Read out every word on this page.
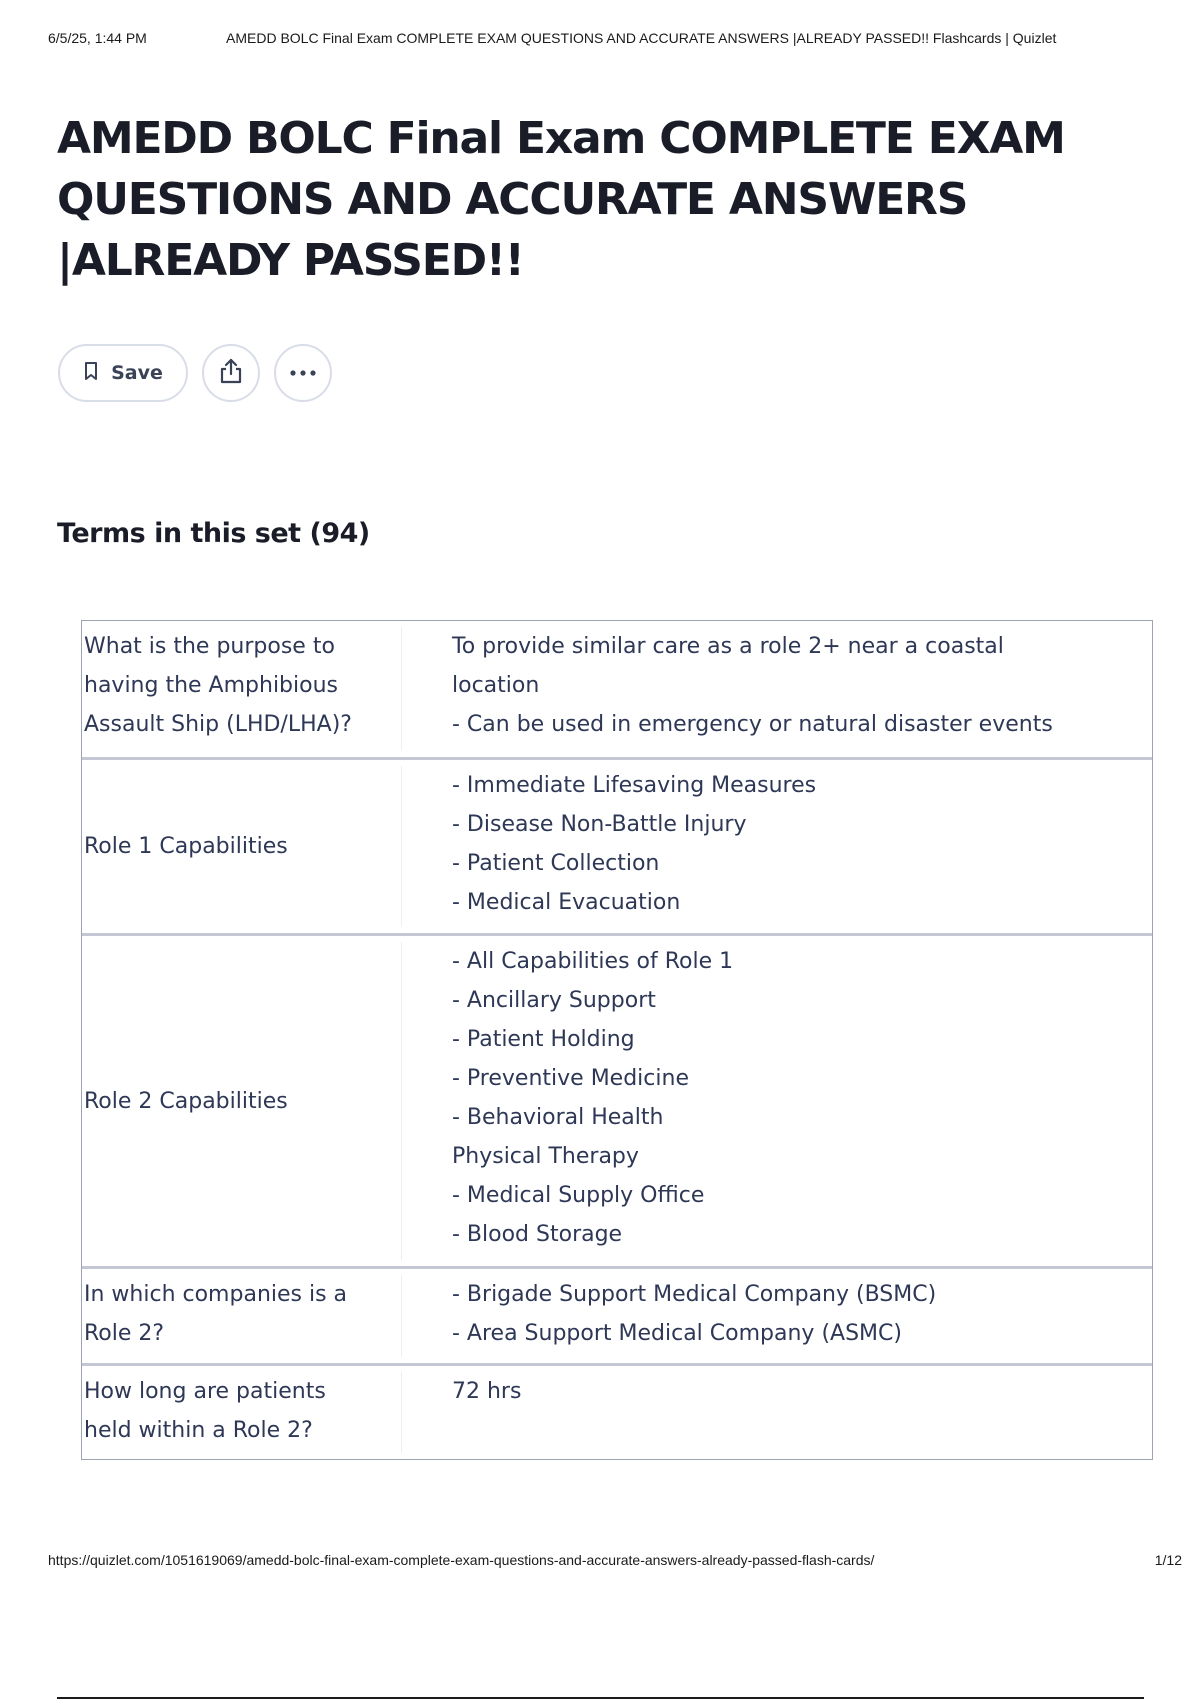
6/5/25, 1:44 PM	AMEDD BOLC Final Exam COMPLETE EXAM QUESTIONS AND ACCURATE ANSWERS |ALREADY PASSED!! Flashcards | Quizlet
AMEDD BOLC Final Exam COMPLETE EXAM
QUESTIONS AND ACCURATE ANSWERS
|ALREADY PASSED!!
Save
Terms in this set (94)
What is the purpose to
having the Amphibious
Assault Ship (LHD/LHA)?
To provide similar care as a role 2+ near a coastal
location
- Can be used in emergency or natural disaster events
Role 1 Capabilities
- Immediate Lifesaving Measures
- Disease Non-Battle Injury
- Patient Collection
- Medical Evacuation
Role 2 Capabilities
- All Capabilities of Role 1
- Ancillary Support
- Patient Holding
- Preventive Medicine
- Behavioral Health
Physical Therapy
- Medical Supply Office
- Blood Storage
In which companies is a
Role 2?
- Brigade Support Medical Company (BSMC)
- Area Support Medical Company (ASMC)
How long are patients
held within a Role 2?
72 hrs
https://quizlet.com/1051619069/amedd-bolc-final-exam-complete-exam-questions-and-accurate-answers-already-passed-flash-cards/	1/12
